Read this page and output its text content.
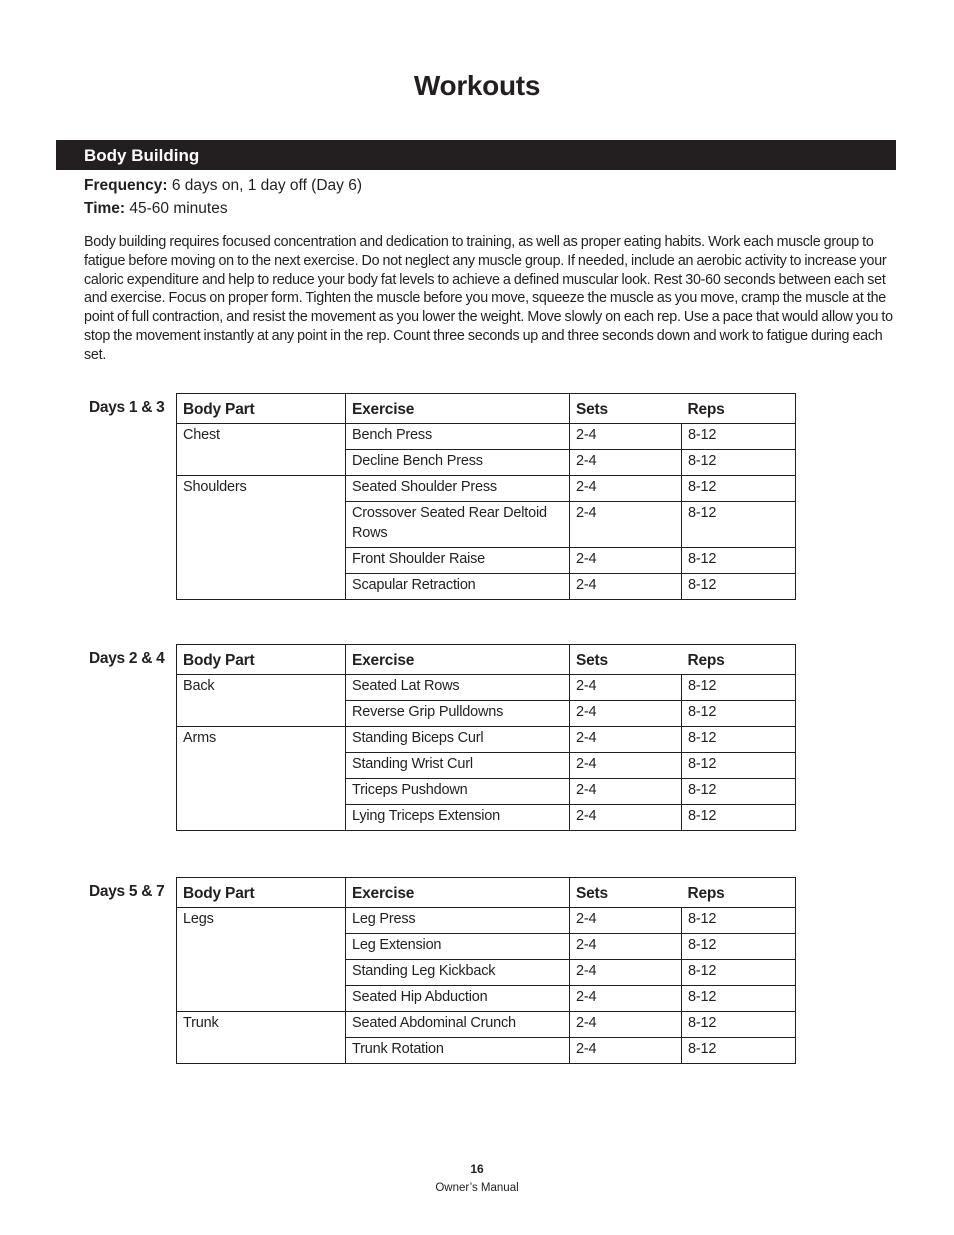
Workouts
Body Building
Frequency: 6 days on, 1 day off (Day 6)
Time: 45-60 minutes

Body building requires focused concentration and dedication to training, as well as proper eating habits. Work each muscle group to fatigue before moving on to the next exercise. Do not neglect any muscle group. If needed, include an aerobic activity to increase your caloric expenditure and help to reduce your body fat levels to achieve a defined muscular look. Rest 30-60 seconds between each set and exercise. Focus on proper form. Tighten the muscle before you move, squeeze the muscle as you move, cramp the muscle at the point of full contraction, and resist the movement as you lower the weight. Move slowly on each rep. Use a pace that would allow you to stop the movement instantly at any point in the rep. Count three seconds up and three seconds down and work to fatigue during each set.

Days 1 & 3
Days 2 & 4
Days 5 & 7
Body Part	Exercise	Sets	Reps
Chest	Bench Press	2-4	8-12
	Decline Bench Press	2-4	8-12
Shoulders	Seated Shoulder Press	2-4	8-12
	Crossover Seated Rear Deltoid Rows	2-4	8-12
	Front Shoulder Raise	2-4	8-12
	Scapular Retraction	2-4	8-12
Body Part	Exercise	Sets	Reps
Back	Seated Lat Rows	2-4	8-12
	Reverse Grip Pulldowns	2-4	8-12
Arms	Standing Biceps Curl	2-4	8-12
	Standing Wrist Curl	2-4	8-12
	Triceps Pushdown	2-4	8-12
	Lying Triceps Extension	2-4	8-12
Body Part	Exercise	Sets	Reps
Legs	Leg Press	2-4	8-12
	Leg Extension	2-4	8-12
	Standing Leg Kickback	2-4	8-12
	Seated Hip Abduction	2-4	8-12
Trunk	Seated Abdominal Crunch	2-4	8-12
	Trunk Rotation	2-4	8-12
16
Owner’s Manual
